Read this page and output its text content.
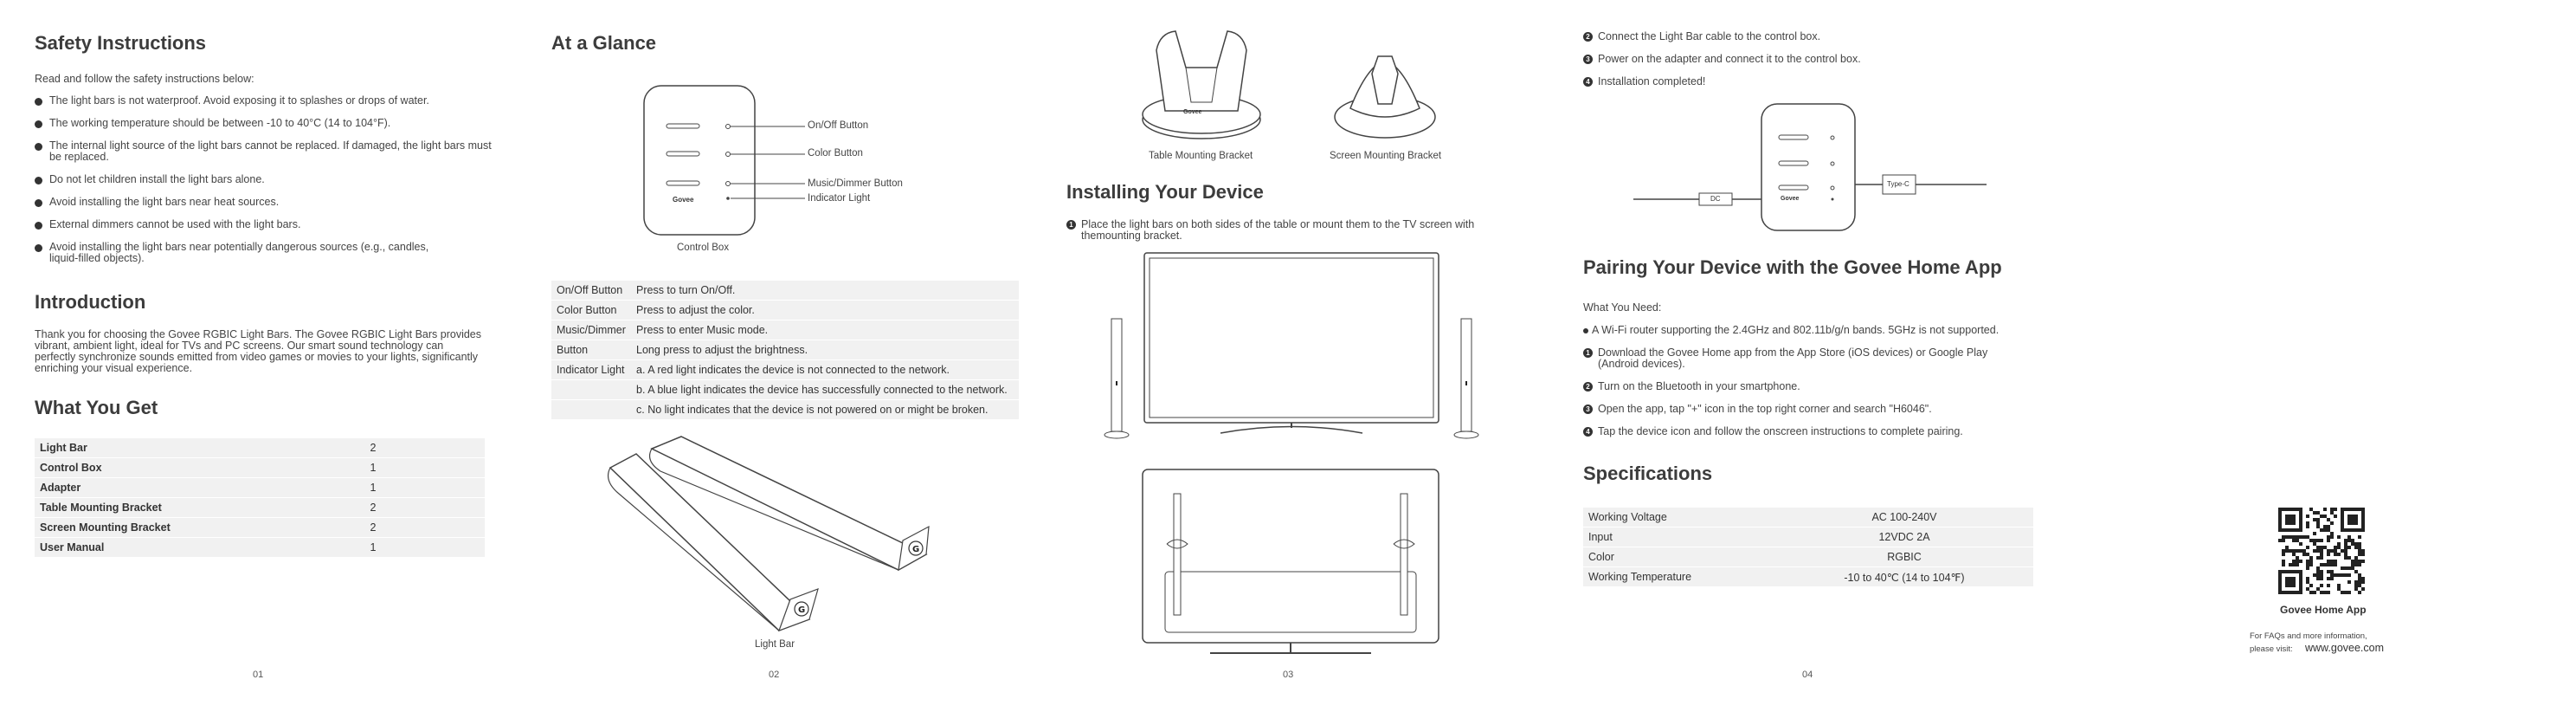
Safety Instructions
Read and follow the safety instructions below:
The light bars is not waterproof. Avoid exposing it to splashes or drops of water.
The working temperature should be between -10 to 40°C (14 to 104°F).
The internal light source of the light bars cannot be replaced. If damaged, the light bars must be replaced.
Do not let children install the light bars alone.
Avoid installing the light bars near heat sources.
External dimmers cannot be used with the light bars.
Avoid installing the light bars near potentially dangerous sources (e.g., candles, liquid-filled objects).
Introduction
Thank you for choosing the Govee RGBIC Light Bars. The Govee RGBIC Light Bars provides vibrant, ambient light, ideal for TVs and PC screens. Our smart sound technology can perfectly synchronize sounds emitted from video games or movies to your lights, significantly enriching your visual experience.
What You Get
Light Bar	2
Control Box	1
Adapter	1
Table Mounting Bracket	2
Screen Mounting Bracket	2
User Manual	1
01
At a Glance
Govee
On/Off Button
Color Button
Music/Dimmer Button
Indicator Light
Control Box
On/Off Button	Press to turn On/Off.
Color Button	Press to adjust the color.
Music/Dimmer	Press to enter Music mode.
Button	Long press to adjust the brightness.
Indicator Light	a. A red light indicates the device is not connected to the network.
	b. A blue light indicates the device has successfully connected to the network.
	c. No light indicates that the device is not powered on or might be broken.
G
G
Light Bar
02
Govee
Table Mounting Bracket	Screen Mounting Bracket
Installing Your Device
1 Place the light bars on both sides of the table or mount them to the TV screen with themounting bracket.
03
2 Connect the Light Bar cable to the control box.
3 Power on the adapter and connect it to the control box.
4 Installation completed!
DC
Type-C
Govee
Pairing Your Device with the Govee Home App
What You Need:
A Wi-Fi router supporting the 2.4GHz and 802.11b/g/n bands. 5GHz is not supported.
1 Download the Govee Home app from the App Store (iOS devices) or Google Play (Android devices).
2 Turn on the Bluetooth in your smartphone.
3 Open the app, tap "+" icon in the top right corner and search "H6046".
4 Tap the device icon and follow the onscreen instructions to complete pairing.
Specifications
Working Voltage	AC 100-240V
Input	12VDC 2A
Color	RGBIC
Working Temperature	-10 to 40℃ (14 to 104℉)
Govee Home App
For FAQs and more information,
please visit: www.govee.com
04
